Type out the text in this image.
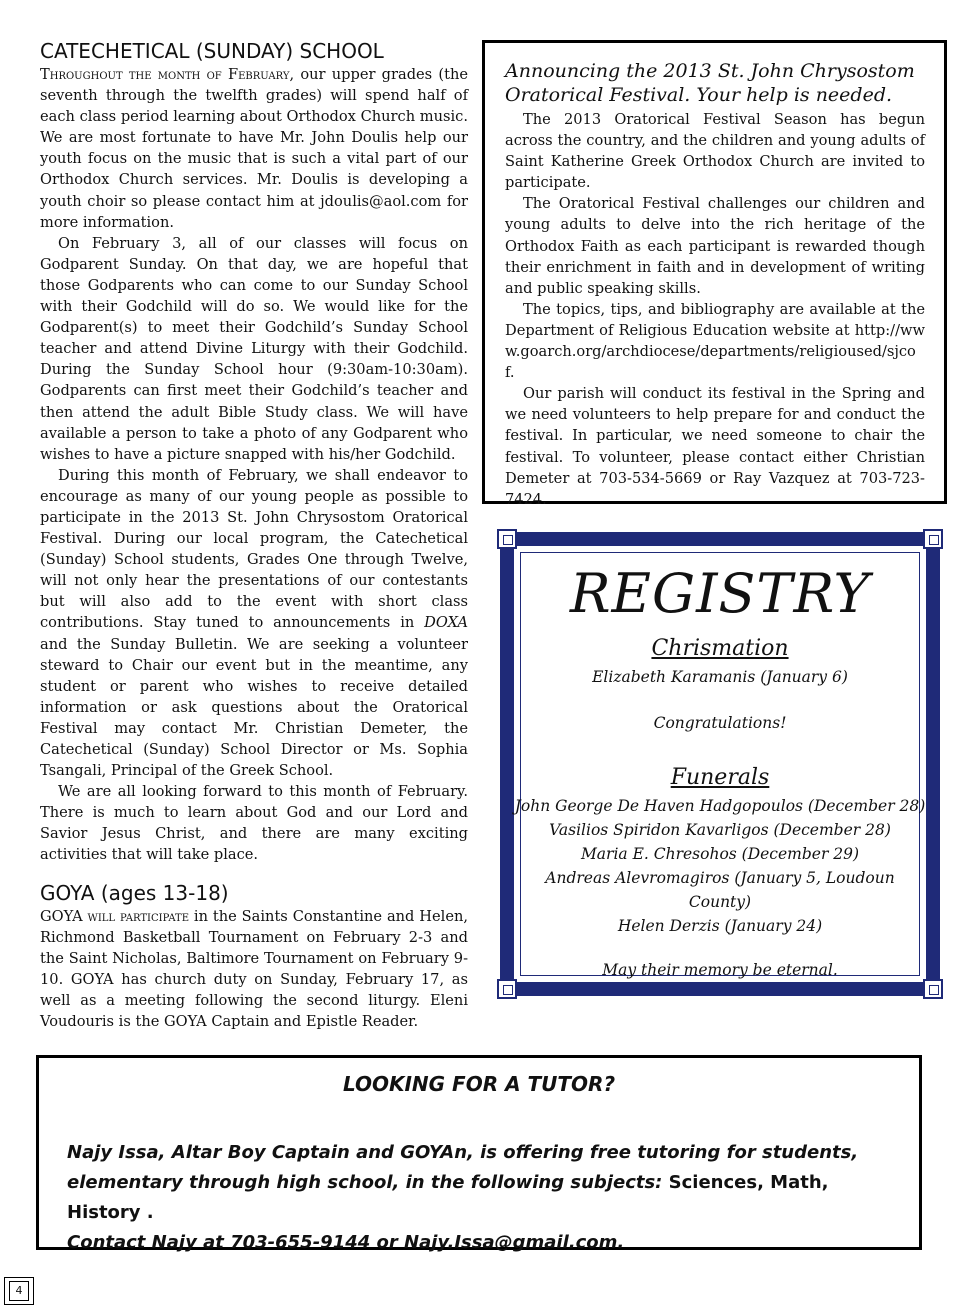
CATECHETICAL (SUNDAY) SCHOOL

Throughout the month of February, our upper grades (the seventh through the twelfth grades) will spend half of each class period learning about Orthodox Church music. We are most fortunate to have Mr. John Doulis help our youth focus on the music that is such a vital part of our Orthodox Church services. Mr. Doulis is developing a youth choir so please contact him at jdoulis@aol.com for more information.

On February 3, all of our classes will focus on Godparent Sunday. On that day, we are hopeful that those Godparents who can come to our Sunday School with their Godchild will do so. We would like for the Godparent(s) to meet their Godchild’s Sunday School teacher and attend Divine Liturgy with their Godchild. During the Sunday School hour (9:30am-10:30am). Godparents can first meet their Godchild’s teacher and then attend the adult Bible Study class. We will have available a person to take a photo of any Godparent who wishes to have a picture snapped with his/her Godchild.

During this month of February, we shall endeavor to encourage as many of our young people as possible to participate in the 2013 St. John Chrysostom Oratorical Festival. During our local program, the Catechetical (Sunday) School students, Grades One through Twelve, will not only hear the presentations of our contestants but will also add to the event with short class contributions. Stay tuned to announcements in DOXA and the Sunday Bulletin. We are seeking a volunteer steward to Chair our event but in the meantime, any student or parent who wishes to receive detailed information or ask questions about the Oratorical Festival may contact Mr. Christian Demeter, the Catechetical (Sunday) School Director or Ms. Sophia Tsangali, Principal of the Greek School.

We are all looking forward to this month of February. There is much to learn about God and our Lord and Savior Jesus Christ, and there are many exciting activities that will take place.

GOYA (ages 13-18)

GOYA will participate in the Saints Constantine and Helen, Richmond Basketball Tournament on February 2-3 and the Saint Nicholas, Baltimore Tournament on February 9-10. GOYA has church duty on Sunday, February 17, as well as a meeting following the second liturgy. Eleni Voudouris is the GOYA Captain and Epistle Reader.

Announcing the 2013 St. John Chrysostom
Oratorical Festival. Your help is needed.

The 2013 Oratorical Festival Season has begun across the country, and the children and young adults of Saint Katherine Greek Orthodox Church are invited to participate.

The Oratorical Festival challenges our children and young adults to delve into the rich heritage of the Orthodox Faith as each participant is rewarded though their enrichment in faith and in development of writing and public speaking skills.

The topics, tips, and bibliography are available at the Department of Religious Education website at http://www.goarch.org/archdiocese/departments/religioused/sjcof.

Our parish will conduct its festival in the Spring and we need volunteers to help prepare for and conduct the festival. In particular, we need someone to chair the festival. To volunteer, please contact either Christian Demeter at 703-534-5669 or Ray Vazquez at 703-723-7424.

REGISTRY
Chrismation
Elizabeth Karamanis (January 6)
Congratulations!
Funerals
John George De Haven Hadgopoulos (December 28)
Vasilios Spiridon Kavarligos (December 28)
Maria E. Chresohos (December 29)
Andreas Alevromagiros (January 5, Loudoun County)
Helen Derzis (January 24)
May their memory be eternal.
LOOKING FOR A TUTOR?
Najy Issa, Altar Boy Captain and GOYAn, is offering free tutoring for students,
elementary through high school, in the following subjects: Sciences, Math, History .
Contact Najy at 703-655-9144 or Najy.Issa@gmail.com.
4
